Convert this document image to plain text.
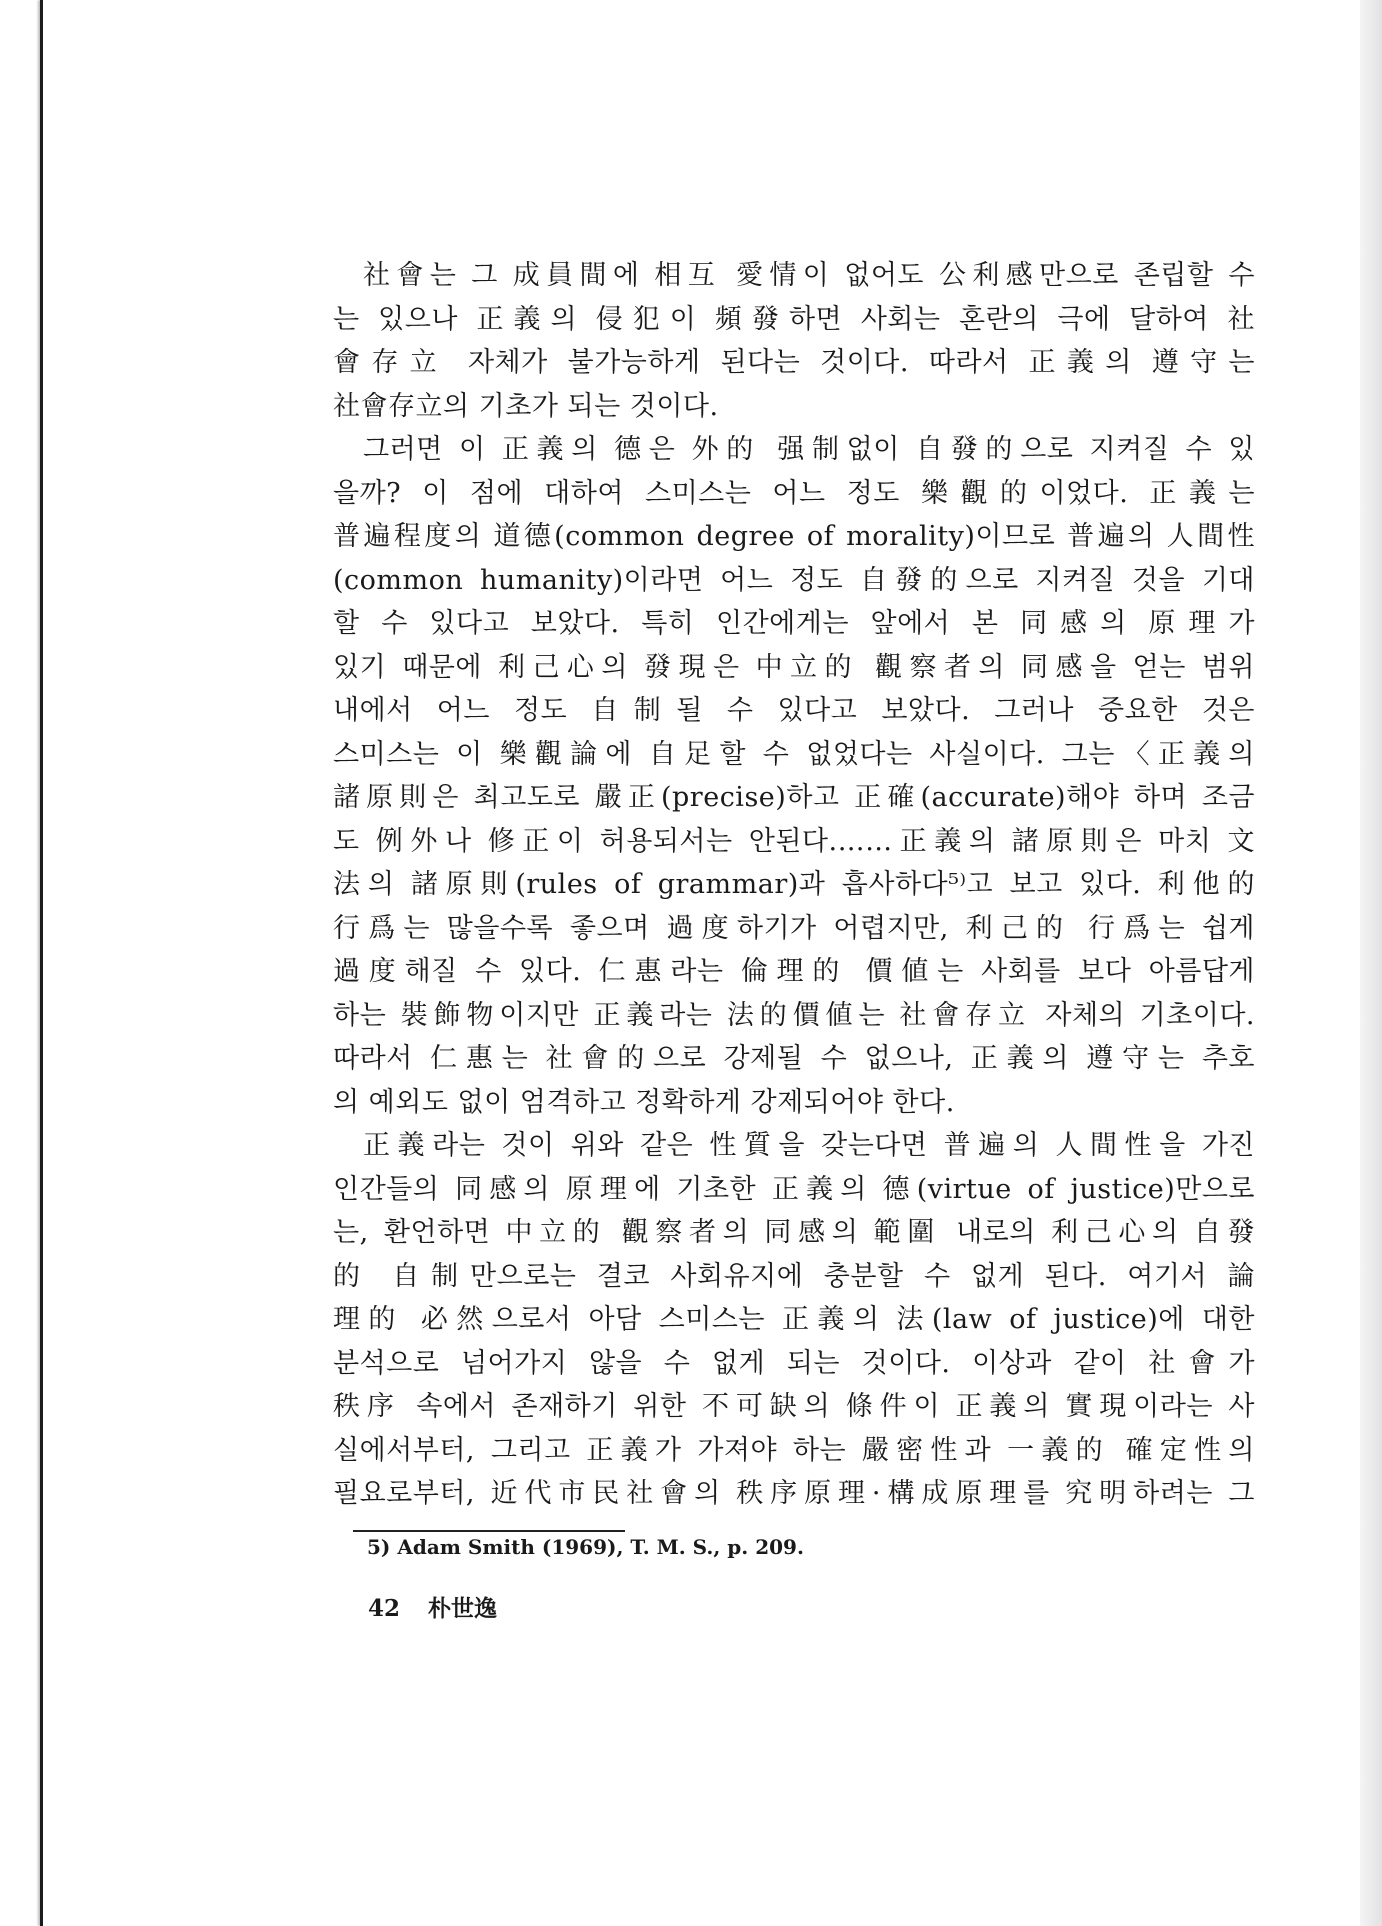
社會는 그 成員間에 相互 愛情이 없어도 公利感만으로 존립할 수
는 있으나 正義의 侵犯이 頻發하면 사회는 혼란의 극에 달하여 社
會存立 자체가 불가능하게 된다는 것이다. 따라서 正義의 遵守는
社會存立의 기초가 되는 것이다.
그러면 이 正義의 德은 外的 强制없이 自發的으로 지켜질 수 있
을까? 이 점에 대하여 스미스는 어느 정도 樂觀的이었다. 正義는
普遍程度의 道德(common degree of morality)이므로 普遍의 人間性
(common humanity)이라면 어느 정도 自發的으로 지켜질 것을 기대
할 수 있다고 보았다. 특히 인간에게는 앞에서 본 同感의 原理가
있기 때문에 利己心의 發現은 中立的 觀察者의 同感을 얻는 범위
내에서 어느 정도 自制될 수 있다고 보았다. 그러나 중요한 것은
스미스는 이 樂觀論에 自足할 수 없었다는 사실이다. 그는〈正義의
諸原則은 최고도로 嚴正(precise)하고 正確(accurate)해야 하며 조금
도 例外나 修正이 허용되서는 안된다.……正義의 諸原則은 마치 文
法의 諸原則(rules of grammar)과 흡사하다⁵⁾고 보고 있다. 利他的
行爲는 많을수록 좋으며 過度하기가 어렵지만, 利己的 行爲는 쉽게
過度해질 수 있다. 仁惠라는 倫理的 價値는 사회를 보다 아름답게
하는 裝飾物이지만 正義라는 法的價値는 社會存立 자체의 기초이다.
따라서 仁惠는 社會的으로 강제될 수 없으나, 正義의 遵守는 추호
의 예외도 없이 엄격하고 정확하게 강제되어야 한다.
正義라는 것이 위와 같은 性質을 갖는다면 普遍의 人間性을 가진
인간들의 同感의 原理에 기초한 正義의 德(virtue of justice)만으로
는, 환언하면 中立的 觀察者의 同感의 範圍 내로의 利己心의 自發
的 自制만으로는 결코 사회유지에 충분할 수 없게 된다. 여기서 論
理的 必然으로서 아담 스미스는 正義의 法(law of justice)에 대한
분석으로 넘어가지 않을 수 없게 되는 것이다. 이상과 같이 社會가
秩序 속에서 존재하기 위한 不可缺의 條件이 正義의 實現이라는 사
실에서부터, 그리고 正義가 가져야 하는 嚴密性과 一義的 確定性의
필요로부터, 近代市民社會의 秩序原理·構成原理를 究明하려는 그
5) Adam Smith (1969), T. M. S., p. 209.
42 朴世逸
